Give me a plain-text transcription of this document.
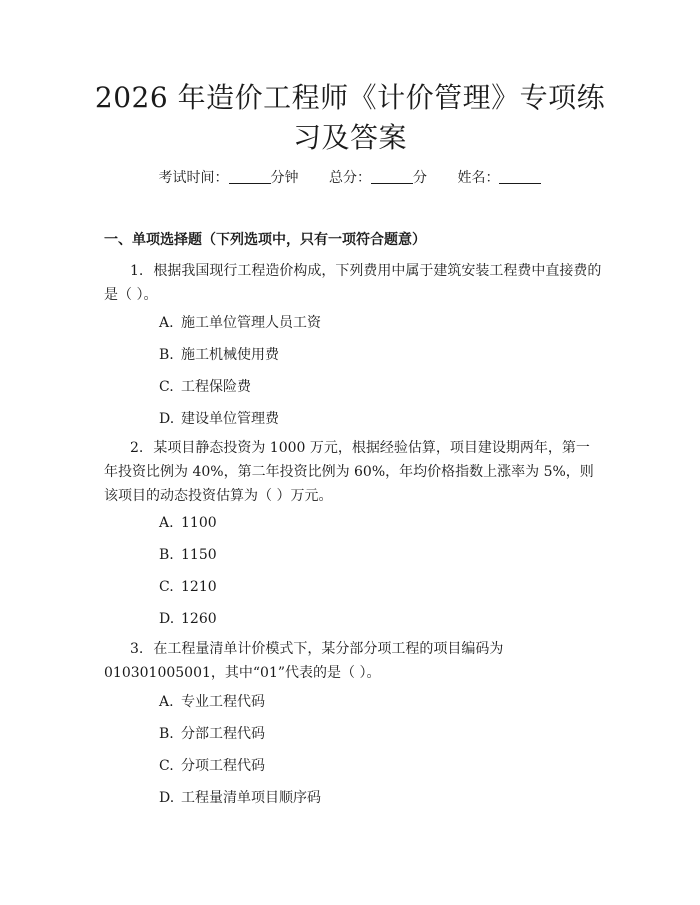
2026 年造价工程师《计价管理》专项练习及答案
考试时间：	分钟 总分：	分 姓名：
一、单项选择题（下列选项中，只有一项符合题意）
1. 根据我国现行工程造价构成，下列费用中属于建筑安装工程费中直接费的是（ ）。
A. 施工单位管理人员工资
B. 施工机械使用费
C. 工程保险费
D. 建设单位管理费
2. 某项目静态投资为 1000 万元，根据经验估算，项目建设期两年，第一年投资比例为 40%，第二年投资比例为 60%，年均价格指数上涨率为 5%，则该项目的动态投资估算为（ ）万元。
A. 1100
B. 1150
C. 1210
D. 1260
3. 在工程量清单计价模式下，某分部分项工程的项目编码为 010301005001，其中“01”代表的是（ ）。
A. 专业工程代码
B. 分部工程代码
C. 分项工程代码
D. 工程量清单项目顺序码
